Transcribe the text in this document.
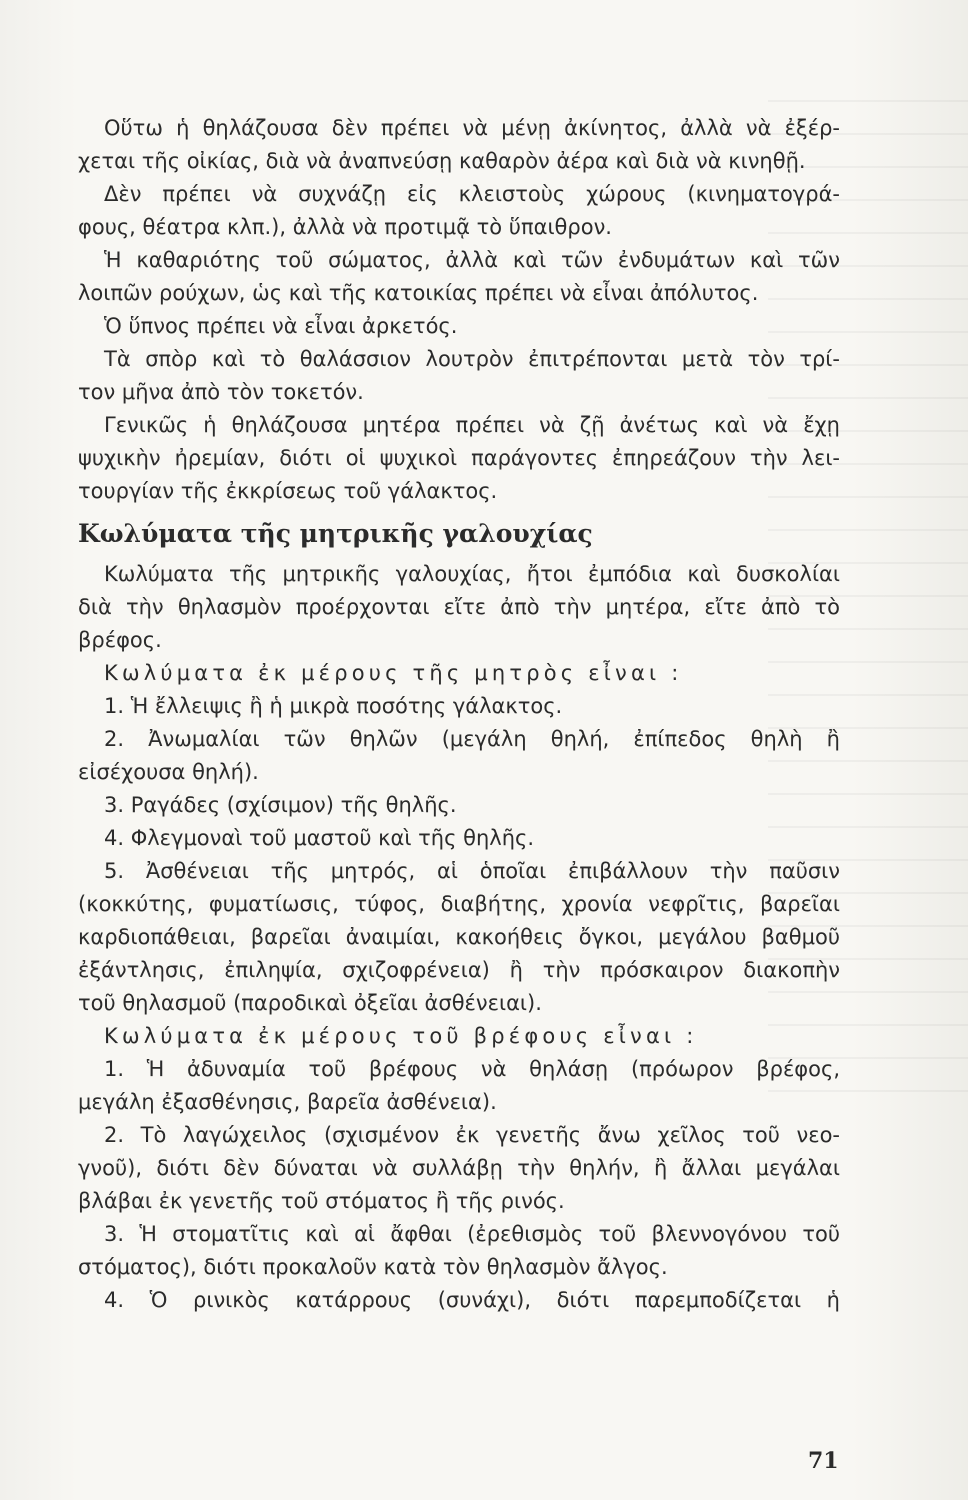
Οὕτω ἡ θηλάζουσα δὲν πρέπει νὰ μένῃ ἀκίνητος, ἀλλὰ νὰ ἐξέρ-
χεται τῆς οἰκίας, διὰ νὰ ἀναπνεύσῃ καθαρὸν ἀέρα καὶ διὰ νὰ κινηθῇ.
Δὲν πρέπει νὰ συχνάζῃ εἰς κλειστοὺς χώρους (κινηματογρά-
φους, θέατρα κλπ.), ἀλλὰ νὰ προτιμᾷ τὸ ὕπαιθρον.
Ἡ καθαριότης τοῦ σώματος, ἀλλὰ καὶ τῶν ἐνδυμάτων καὶ τῶν
λοιπῶν ρούχων, ὡς καὶ τῆς κατοικίας πρέπει νὰ εἶναι ἀπόλυτος.
Ὁ ὕπνος πρέπει νὰ εἶναι ἀρκετός.
Τὰ σπὸρ καὶ τὸ θαλάσσιον λουτρὸν ἐπιτρέπονται μετὰ τὸν τρί-
τον μῆνα ἀπὸ τὸν τοκετόν.
Γενικῶς ἡ θηλάζουσα μητέρα πρέπει νὰ ζῇ ἀνέτως καὶ νὰ ἔχῃ
ψυχικὴν ἠρεμίαν, διότι οἱ ψυχικοὶ παράγοντες ἐπηρεάζουν τὴν λει-
τουργίαν τῆς ἐκκρίσεως τοῦ γάλακτος.
Κωλύματα τῆς μητρικῆς γαλουχίας
Κωλύματα τῆς μητρικῆς γαλουχίας, ἤτοι ἐμπόδια καὶ δυσκολίαι
διὰ τὴν θηλασμὸν προέρχονται εἴτε ἀπὸ τὴν μητέρα, εἴτε ἀπὸ τὸ
βρέφος.
Κωλύματα ἐκ μέρους τῆς μητρὸς εἶναι :
1. Ἡ ἔλλειψις ἢ ἡ μικρὰ ποσότης γάλακτος.
2. Ἀνωμαλίαι τῶν θηλῶν (μεγάλη θηλή, ἐπίπεδος θηλὴ ἢ
εἰσέχουσα θηλή).
3. Ραγάδες (σχίσιμον) τῆς θηλῆς.
4. Φλεγμοναὶ τοῦ μαστοῦ καὶ τῆς θηλῆς.
5. Ἀσθένειαι τῆς μητρός, αἱ ὁποῖαι ἐπιβάλλουν τὴν παῦσιν
(κοκκύτης, φυματίωσις, τύφος, διαβήτης, χρονία νεφρῖτις, βαρεῖαι
καρδιοπάθειαι, βαρεῖαι ἀναιμίαι, κακοήθεις ὄγκοι, μεγάλου βαθμοῦ
ἐξάντλησις, ἐπιληψία, σχιζοφρένεια) ἢ τὴν πρόσκαιρον διακοπὴν
τοῦ θηλασμοῦ (παροδικαὶ ὀξεῖαι ἀσθένειαι).
Κωλύματα ἐκ μέρους τοῦ βρέφους εἶναι :
1. Ἡ ἀδυναμία τοῦ βρέφους νὰ θηλάσῃ (πρόωρον βρέφος,
μεγάλη ἐξασθένησις, βαρεῖα ἀσθένεια).
2. Τὸ λαγώχειλος (σχισμένον ἐκ γενετῆς ἄνω χεῖλος τοῦ νεο-
γνοῦ), διότι δὲν δύναται νὰ συλλάβῃ τὴν θηλήν, ἢ ἄλλαι μεγάλαι
βλάβαι ἐκ γενετῆς τοῦ στόματος ἢ τῆς ρινός.
3. Ἡ στοματῖτις καὶ αἱ ἄφθαι (ἐρεθισμὸς τοῦ βλεννογόνου τοῦ
στόματος), διότι προκαλοῦν κατὰ τὸν θηλασμὸν ἄλγος.
4. Ὁ ρινικὸς κατάρρους (συνάχι), διότι παρεμποδίζεται ἡ
71
